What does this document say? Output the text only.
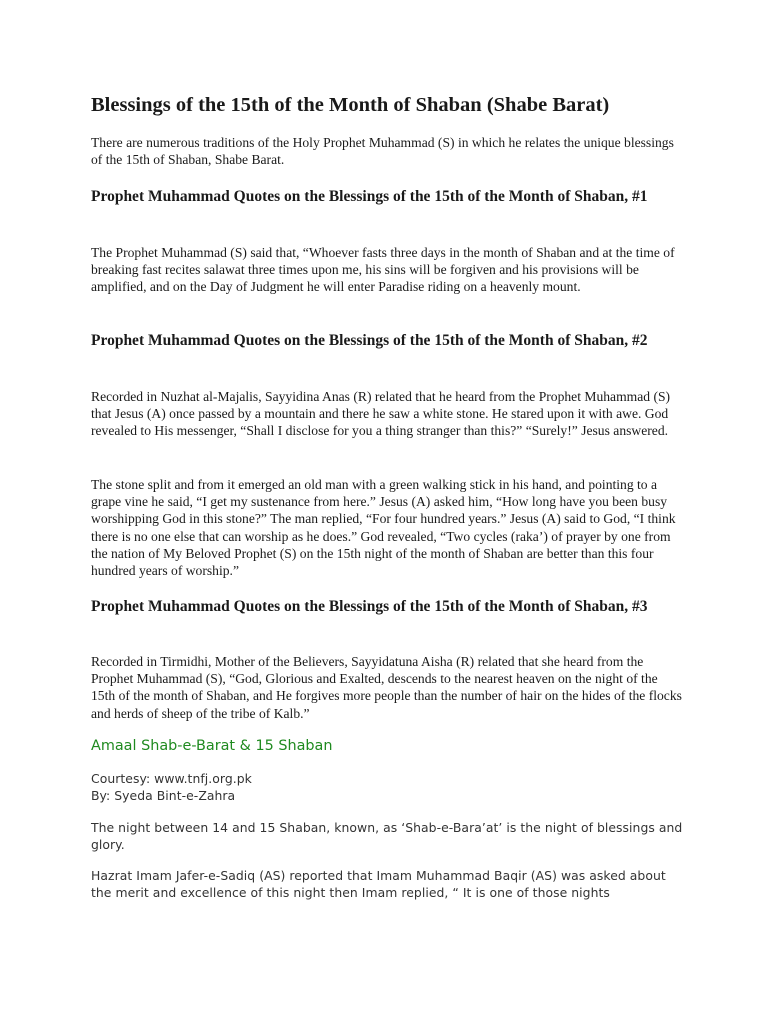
Blessings of the 15th of the Month of Shaban (Shabe Barat)

There are numerous traditions of the Holy Prophet Muhammad (S) in which he relates the unique blessings of the 15th of Shaban, Shabe Barat.

Prophet Muhammad Quotes on the Blessings of the 15th of the Month of Shaban, #1

The Prophet Muhammad (S) said that, “Whoever fasts three days in the month of Shaban and at the time of breaking fast recites salawat three times upon me, his sins will be forgiven and his provisions will be amplified, and on the Day of Judgment he will enter Paradise riding on a heavenly mount.

Prophet Muhammad Quotes on the Blessings of the 15th of the Month of Shaban, #2

Recorded in Nuzhat al-Majalis, Sayyidina Anas (R) related that he heard from the Prophet Muhammad (S) that Jesus (A) once passed by a mountain and there he saw a white stone. He stared upon it with awe. God revealed to His messenger, “Shall I disclose for you a thing stranger than this?” “Surely!” Jesus answered.

The stone split and from it emerged an old man with a green walking stick in his hand, and pointing to a grape vine he said, “I get my sustenance from here.” Jesus (A) asked him, “How long have you been busy worshipping God in this stone?” The man replied, “For four hundred years.” Jesus (A) said to God, “I think there is no one else that can worship as he does.” God revealed, “Two cycles (raka’) of prayer by one from the nation of My Beloved Prophet (S) on the 15th night of the month of Shaban are better than this four hundred years of worship.”

Prophet Muhammad Quotes on the Blessings of the 15th of the Month of Shaban, #3

Recorded in Tirmidhi, Mother of the Believers, Sayyidatuna Aisha (R) related that she heard from the Prophet Muhammad (S), “God, Glorious and Exalted, descends to the nearest heaven on the night of the 15th of the month of Shaban, and He forgives more people than the number of hair on the hides of the flocks and herds of sheep of the tribe of Kalb.”

Amaal Shab-e-Barat & 15 Shaban
Courtesy: www.tnfj.org.pk
By: Syeda Bint-e-Zahra
The night between 14 and 15 Shaban, known, as ‘Shab-e-Bara’at’ is the night of blessings and glory.
Hazrat Imam Jafer-e-Sadiq (AS) reported that Imam Muhammad Baqir (AS) was asked about the merit and excellence of this night then Imam replied, “ It is one of those nights
